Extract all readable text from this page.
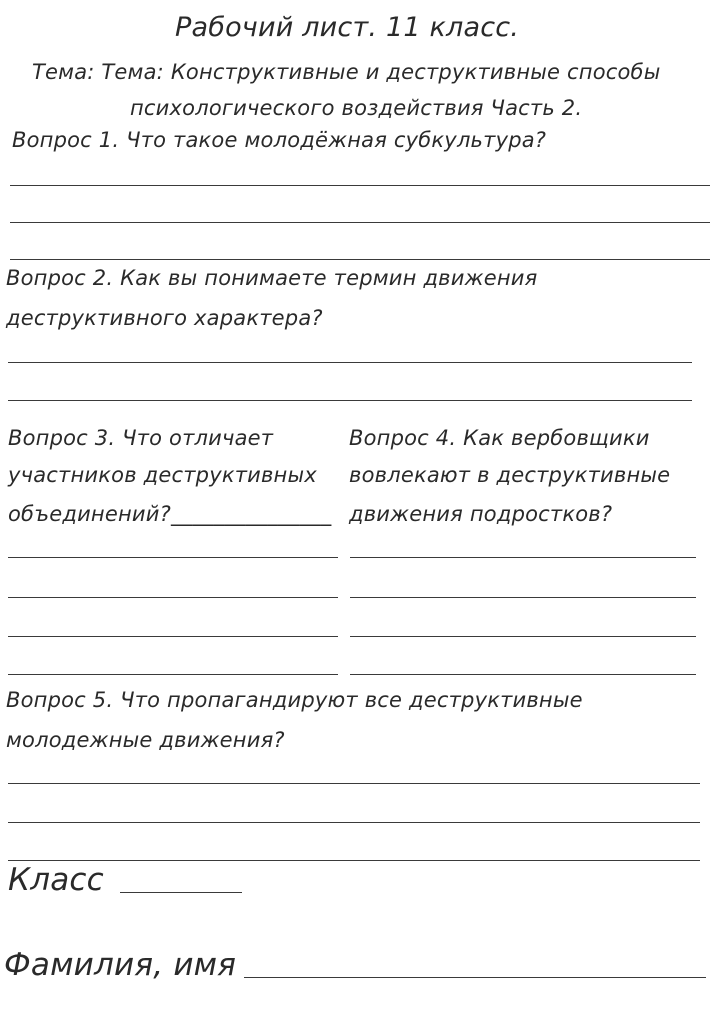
Рабочий лист. 11 класс.
Тема: Тема: Конструктивные и деструктивные способы
психологического воздействия Часть 2.
Вопрос 1. Что такое молодёжная субкультура?
Вопрос 2. Как вы понимаете термин движения
деструктивного характера?
Вопрос 3. Что отличает
участников деструктивных
объединений?_______________
Вопрос 4. Как вербовщики
вовлекают в деструктивные
движения подростков?
Вопрос 5. Что пропагандируют все деструктивные
молодежные движения?
Класс
Фамилия, имя
